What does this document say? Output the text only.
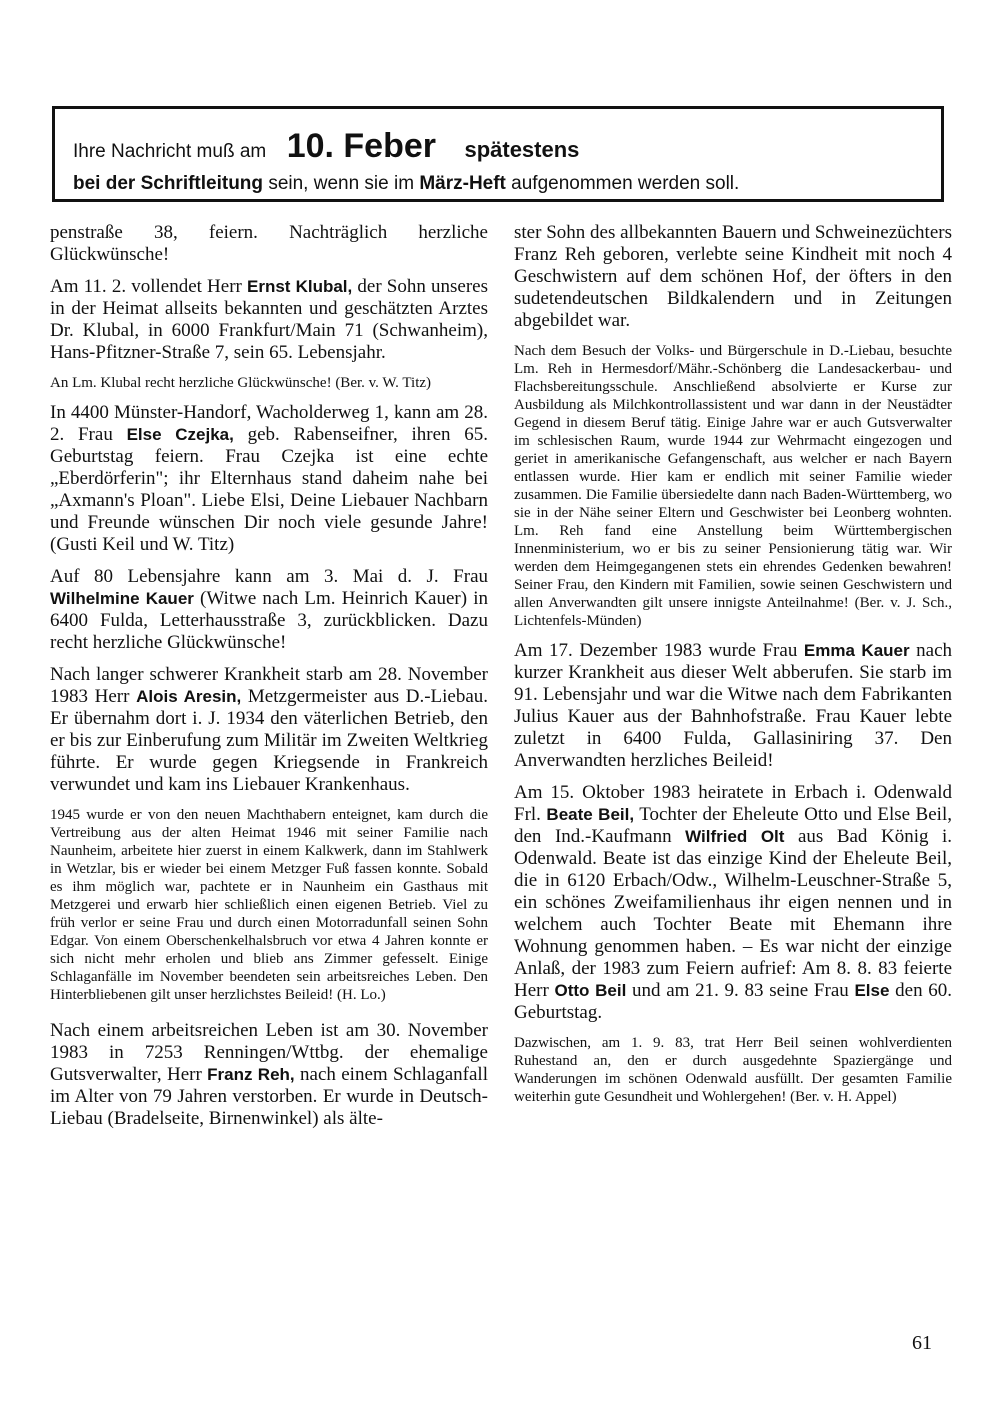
Ihre Nachricht muß am 10. Feber spätestens
bei der Schriftleitung sein, wenn sie im März-Heft aufgenommen werden soll.

penstraße 38, feiern. Nachträglich herzliche Glückwünsche!

Am 11. 2. vollendet Herr Ernst Klubal, der Sohn unseres in der Heimat allseits bekannten und geschätzten Arztes Dr. Klubal, in 6000 Frankfurt/Main 71 (Schwanheim), Hans-Pfitzner-Straße 7, sein 65. Lebensjahr.

An Lm. Klubal recht herzliche Glückwünsche! (Ber. v. W. Titz)

In 4400 Münster-Handorf, Wacholderweg 1, kann am 28. 2. Frau Else Czejka, geb. Rabenseifner, ihren 65. Geburtstag feiern. Frau Czejka ist eine echte „Eberdörferin"; ihr Elternhaus stand daheim nahe bei „Axmann's Ploan". Liebe Elsi, Deine Liebauer Nachbarn und Freunde wünschen Dir noch viele gesunde Jahre! (Gusti Keil und W. Titz)

Auf 80 Lebensjahre kann am 3. Mai d. J. Frau Wilhelmine Kauer (Witwe nach Lm. Heinrich Kauer) in 6400 Fulda, Letterhausstraße 3, zurückblicken. Dazu recht herzliche Glückwünsche!

Nach langer schwerer Krankheit starb am 28. November 1983 Herr Alois Aresin, Metzgermeister aus D.-Liebau. Er übernahm dort i. J. 1934 den väterlichen Betrieb, den er bis zur Einberufung zum Militär im Zweiten Weltkrieg führte. Er wurde gegen Kriegsende in Frankreich verwundet und kam ins Liebauer Krankenhaus.

1945 wurde er von den neuen Machthabern enteignet, kam durch die Vertreibung aus der alten Heimat 1946 mit seiner Familie nach Naunheim, arbeitete hier zuerst in einem Kalkwerk, dann im Stahlwerk in Wetzlar, bis er wieder bei einem Metzger Fuß fassen konnte. Sobald es ihm möglich war, pachtete er in Naunheim ein Gasthaus mit Metzgerei und erwarb hier schließlich einen eigenen Betrieb. Viel zu früh verlor er seine Frau und durch einen Motorradunfall seinen Sohn Edgar. Von einem Oberschenkelhalsbruch vor etwa 4 Jahren konnte er sich nicht mehr erholen und blieb ans Zimmer gefesselt. Einige Schlaganfälle im November beendeten sein arbeitsreiches Leben. Den Hinterbliebenen gilt unser herzlichstes Beileid! (H. Lo.)

Nach einem arbeitsreichen Leben ist am 30. November 1983 in 7253 Renningen/Wttbg. der ehemalige Gutsverwalter, Herr Franz Reh, nach einem Schlaganfall im Alter von 79 Jahren verstorben. Er wurde in Deutsch-Liebau (Bradelseite, Birnenwinkel) als älte-

ster Sohn des allbekannten Bauern und Schweinezüchters Franz Reh geboren, verlebte seine Kindheit mit noch 4 Geschwistern auf dem schönen Hof, der öfters in den sudetendeutschen Bildkalendern und in Zeitungen abgebildet war.

Nach dem Besuch der Volks- und Bürgerschule in D.-Liebau, besuchte Lm. Reh in Hermesdorf/Mähr.-Schönberg die Landesackerbau- und Flachsbereitungsschule. Anschließend absolvierte er Kurse zur Ausbildung als Milchkontrollassistent und war dann in der Neustädter Gegend in diesem Beruf tätig. Einige Jahre war er auch Gutsverwalter im schlesischen Raum, wurde 1944 zur Wehrmacht eingezogen und geriet in amerikanische Gefangenschaft, aus welcher er nach Bayern entlassen wurde. Hier kam er endlich mit seiner Familie wieder zusammen. Die Familie übersiedelte dann nach Baden-Württemberg, wo sie in der Nähe seiner Eltern und Geschwister bei Leonberg wohnten. Lm. Reh fand eine Anstellung beim Württembergischen Innenministerium, wo er bis zu seiner Pensionierung tätig war. Wir werden dem Heimgegangenen stets ein ehrendes Gedenken bewahren! Seiner Frau, den Kindern mit Familien, sowie seinen Geschwistern und allen Anverwandten gilt unsere innigste Anteilnahme! (Ber. v. J. Sch., Lichtenfels-Münden)

Am 17. Dezember 1983 wurde Frau Emma Kauer nach kurzer Krankheit aus dieser Welt abberufen. Sie starb im 91. Lebensjahr und war die Witwe nach dem Fabrikanten Julius Kauer aus der Bahnhofstraße. Frau Kauer lebte zuletzt in 6400 Fulda, Gallasiniring 37. Den Anverwandten herzliches Beileid!

Am 15. Oktober 1983 heiratete in Erbach i. Odenwald Frl. Beate Beil, Tochter der Eheleute Otto und Else Beil, den Ind.-Kaufmann Wilfried Olt aus Bad König i. Odenwald. Beate ist das einzige Kind der Eheleute Beil, die in 6120 Erbach/Odw., Wilhelm-Leuschner-Straße 5, ein schönes Zweifamilienhaus ihr eigen nennen und in welchem auch Tochter Beate mit Ehemann ihre Wohnung genommen haben. – Es war nicht der einzige Anlaß, der 1983 zum Feiern aufrief: Am 8. 8. 83 feierte Herr Otto Beil und am 21. 9. 83 seine Frau Else den 60. Geburtstag.

Dazwischen, am 1. 9. 83, trat Herr Beil seinen wohlverdienten Ruhestand an, den er durch ausgedehnte Spaziergänge und Wanderungen im schönen Odenwald ausfüllt. Der gesamten Familie weiterhin gute Gesundheit und Wohlergehen! (Ber. v. H. Appel)

61
